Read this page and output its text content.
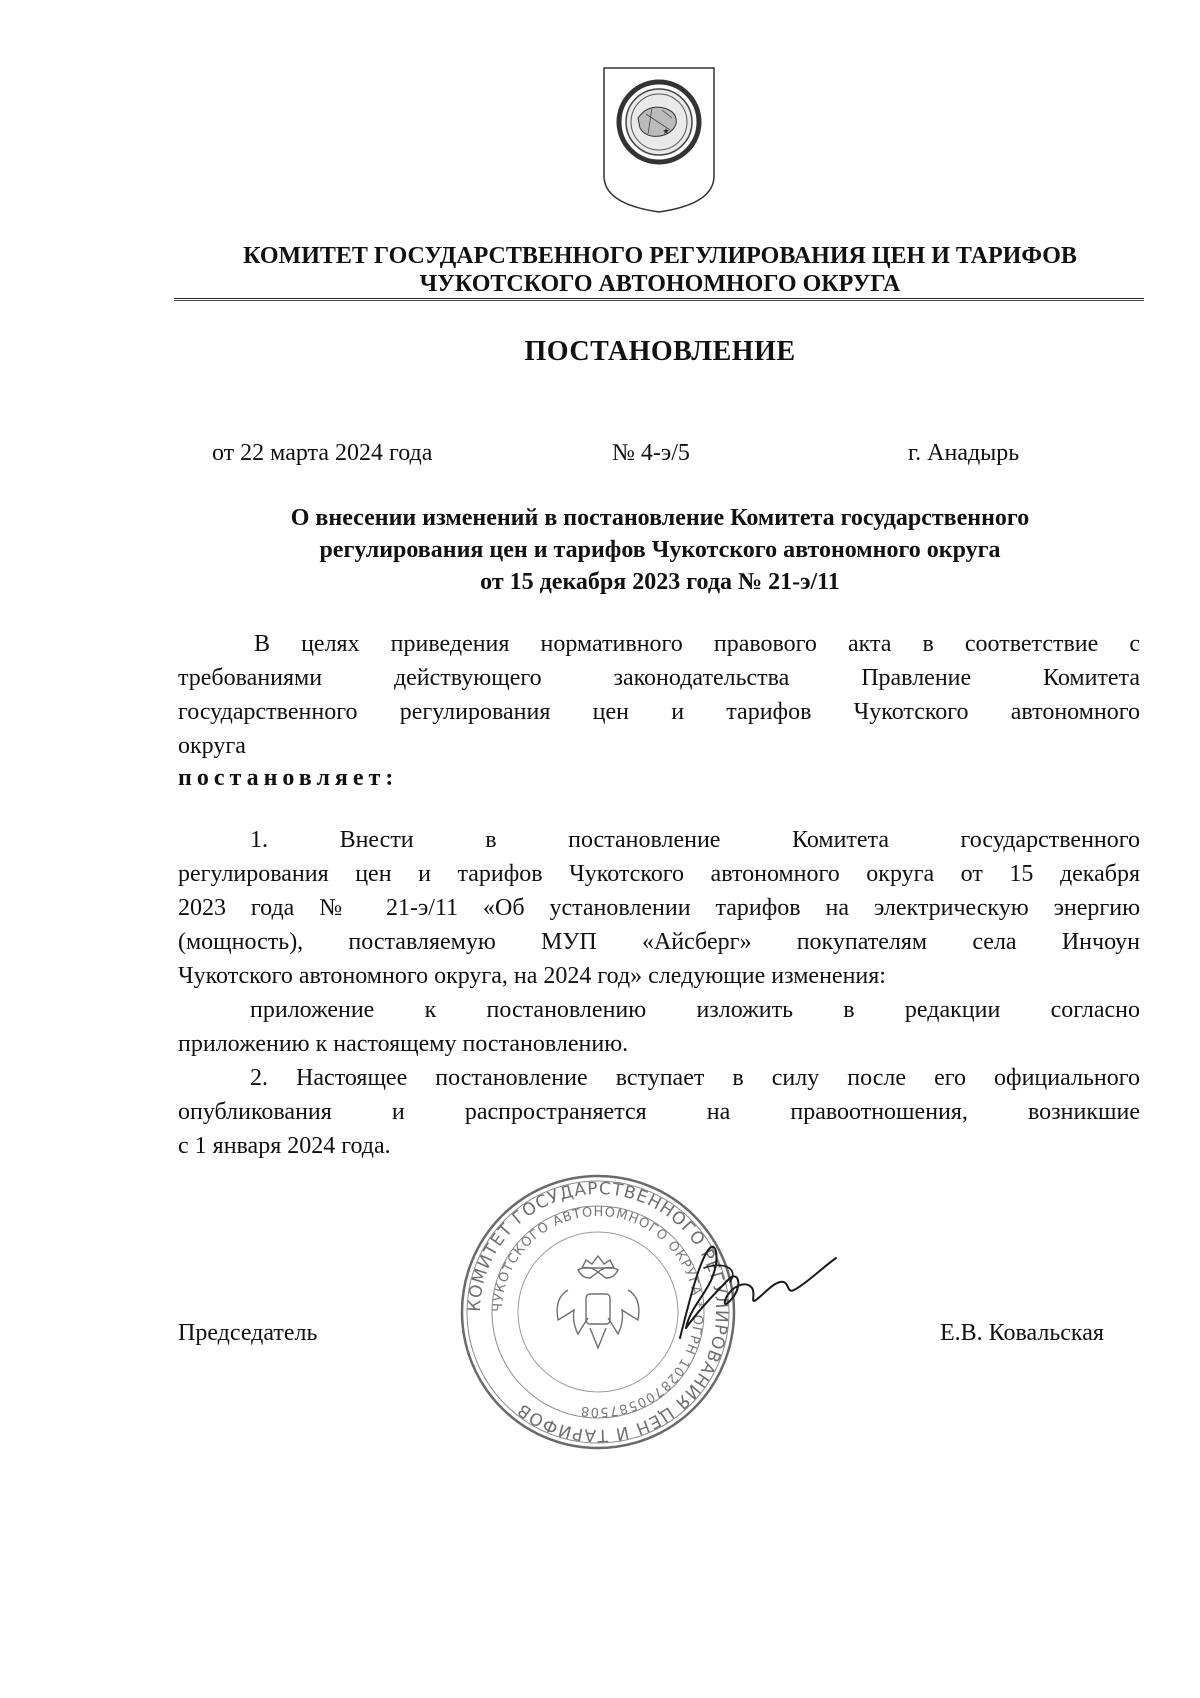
КОМИТЕТ ГОСУДАРСТВЕННОГО РЕГУЛИРОВАНИЯ ЦЕН И ТАРИФОВ
ЧУКОТСКОГО АВТОНОМНОГО ОКРУГА
ПОСТАНОВЛЕНИЕ
от 22 марта 2024 года	№ 4-э/5	г. Анадырь
О внесении изменений в постановление Комитета государственного
регулирования цен и тарифов Чукотского автономного округа
от 15 декабря 2023 года № 21-э/11
В целях приведения нормативного правового акта в соответствие с
требованиями действующего законодательства Правление Комитета
государственного регулирования цен и тарифов Чукотского автономного
округа
постановляет:
1. Внести в постановление Комитета государственного
регулирования цен и тарифов Чукотского автономного округа от 15 декабря
2023 года № 21-э/11 «Об установлении тарифов на электрическую энергию
(мощность), поставляемую МУП «Айсберг» покупателям села Инчоун
Чукотского автономного округа, на 2024 год» следующие изменения:
приложение к постановлению изложить в редакции согласно
приложению к настоящему постановлению.
2. Настоящее постановление вступает в силу после его официального
опубликования и распространяется на правоотношения, возникшие
с 1 января 2024 года.
Председатель	Е.В. Ковальская
КОМИТЕТ ГОСУДАРСТВЕННОГО РЕГУЛИРОВАНИЯ ЦЕН И ТАРИФОВ
ЧУКОТСКОГО АВТОНОМНОГО ОКРУГА * ОГРН 1028700587508
